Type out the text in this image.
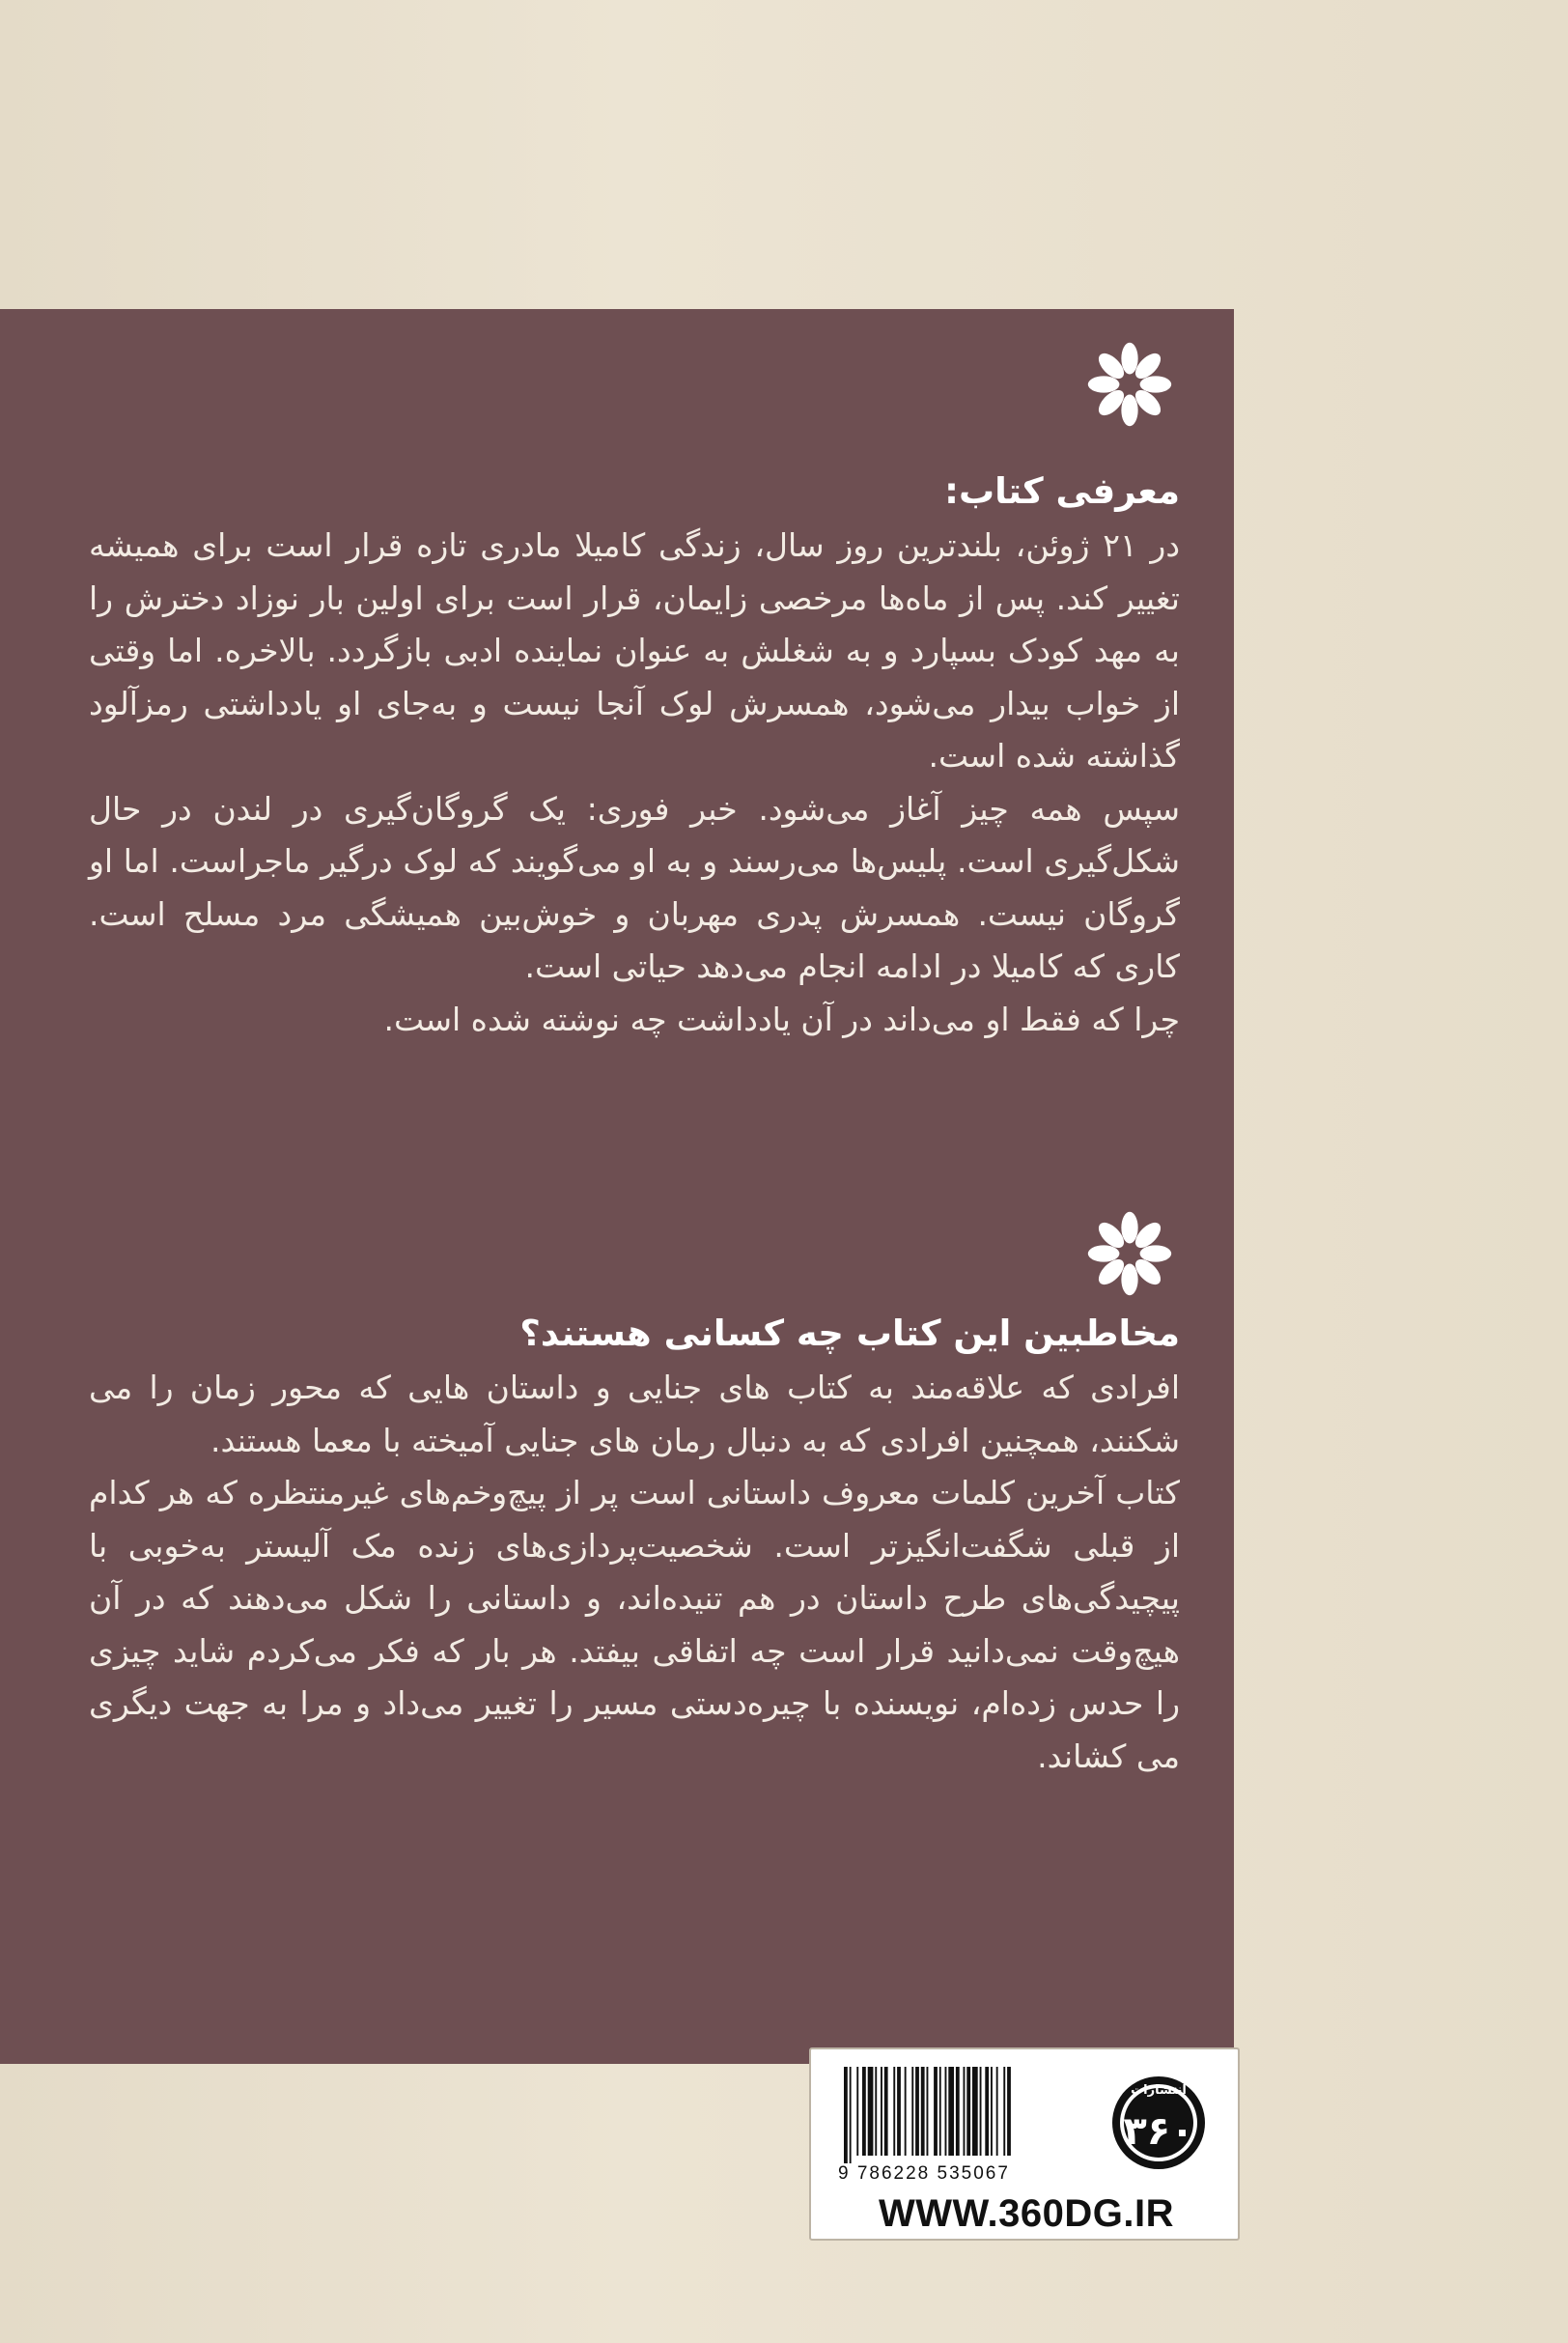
معرفی کتاب:

در ۲۱ ژوئن، بلندترین روز سال، زندگی کامیلا مادری تازه قرار است برای همیشه تغییر کند. پس از ماه‌ها مرخصی زایمان، قرار است برای اولین بار نوزاد دخترش را به مهد کودک بسپارد و به شغلش به عنوان نماینده ادبی بازگردد. بالاخره. اما وقتی از خواب بیدار می‌شود، همسرش لوک آنجا نیست و به‌جای او یادداشتی رمزآلود گذاشته شده است.

سپس همه چیز آغاز می‌شود. خبر فوری: یک گروگان‌گیری در لندن در حال شکل‌گیری است. پلیس‌ها می‌رسند و به او می‌گویند که لوک درگیر ماجراست. اما او گروگان نیست. همسرش پدری مهربان و خوش‌بین همیشگی مرد مسلح است. کاری که کامیلا در ادامه انجام می‌دهد حیاتی است.

چرا که فقط او می‌داند در آن یادداشت چه نوشته شده است.

مخاطبین این کتاب چه کسانی هستند؟

افرادی که علاقه‌مند به کتاب های جنایی و داستان هایی که محور زمان را می شکنند، همچنین افرادی که به دنبال رمان های جنایی آمیخته با معما هستند.

کتاب آخرین کلمات معروف داستانی است پر از پیچ‌وخم‌های غیرمنتظره که هر کدام از قبلی شگفت‌انگیزتر است. شخصیت‌پردازی‌های زنده مک آلیستر به‌خوبی با پیچیدگی‌های طرح داستان در هم تنیده‌اند، و داستانی را شکل می‌دهند که در آن هیچ‌وقت نمی‌دانید قرار است چه اتفاقی بیفتد. هر بار که فکر می‌کردم شاید چیزی را حدس زده‌ام، نویسنده با چیره‌دستی مسیر را تغییر می‌داد و مرا به جهت دیگری می کشاند.

9 786228 535067
انتشارات
۳۶۰
WWW.360DG.IR
